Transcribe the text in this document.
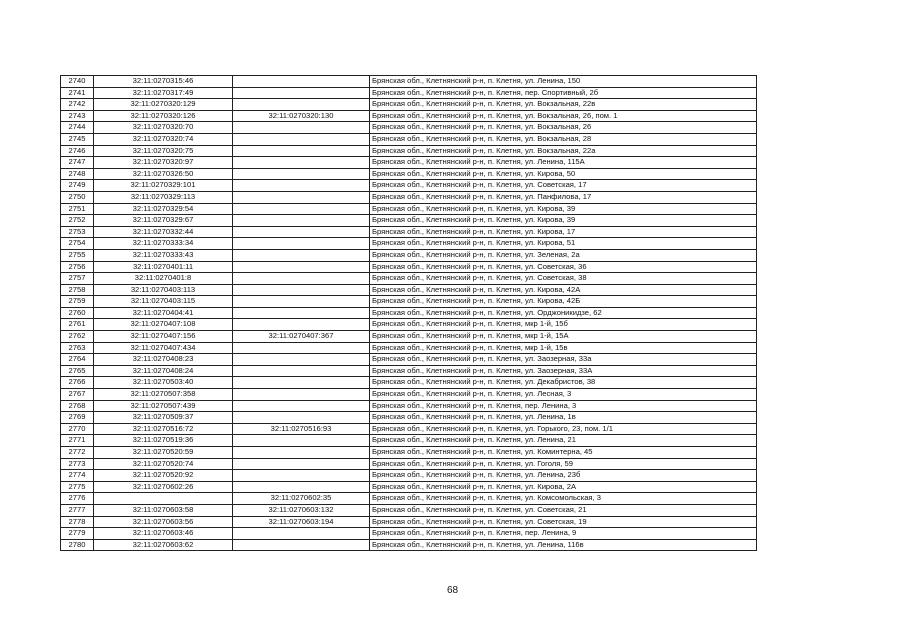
2740	32:11:0270315:46		Брянская обл., Клетнянский р-н, п. Клетня, ул. Ленина, 150
2741	32:11:0270317:49		Брянская обл., Клетнянский р-н, п. Клетня, пер. Спортивный, 2б
2742	32:11:0270320:129		Брянская обл., Клетнянский р-н, п. Клетня, ул. Вокзальная, 22в
2743	32:11:0270320:126	32:11:0270320:130	Брянская обл., Клетнянский р-н, п. Клетня, ул. Вокзальная, 26, пом. 1
2744	32:11:0270320:70		Брянская обл., Клетнянский р-н, п. Клетня, ул. Вокзальная, 26
2745	32:11:0270320:74		Брянская обл., Клетнянский р-н, п. Клетня, ул. Вокзальная, 28
2746	32:11:0270320:75		Брянская обл., Клетнянский р-н, п. Клетня, ул. Вокзальная, 22а
2747	32:11:0270320:97		Брянская обл., Клетнянский р-н, п. Клетня, ул. Ленина, 115А
2748	32:11:0270326:50		Брянская обл., Клетнянский р-н, п. Клетня, ул. Кирова, 50
2749	32:11:0270329:101		Брянская обл., Клетнянский р-н, п. Клетня, ул. Советская, 17
2750	32:11:0270329:113		Брянская обл., Клетнянский р-н, п. Клетня, ул. Панфилова, 17
2751	32:11:0270329:54		Брянская обл., Клетнянский р-н, п. Клетня, ул. Кирова, 39
2752	32:11:0270329:67		Брянская обл., Клетнянский р-н, п. Клетня, ул. Кирова, 39
2753	32:11:0270332:44		Брянская обл., Клетнянский р-н, п. Клетня, ул. Кирова, 17
2754	32:11:0270333:34		Брянская обл., Клетнянский р-н, п. Клетня, ул. Кирова, 51
2755	32:11:0270333:43		Брянская обл., Клетнянский р-н, п. Клетня, ул. Зеленая, 2а
2756	32:11:0270401:11		Брянская обл., Клетнянский р-н, п. Клетня, ул. Советская, 36
2757	32:11:0270401:8		Брянская обл., Клетнянский р-н, п. Клетня, ул. Советская, 38
2758	32:11:0270403:113		Брянская обл., Клетнянский р-н, п. Клетня, ул. Кирова, 42А
2759	32:11:0270403:115		Брянская обл., Клетнянский р-н, п. Клетня, ул. Кирова, 42Б
2760	32:11:0270404:41		Брянская обл., Клетнянский р-н, п. Клетня, ул. Орджоникидзе, 62
2761	32:11:0270407:108		Брянская обл., Клетнянский р-н, п. Клетня, мкр 1-й, 15б
2762	32:11:0270407:156	32:11:0270407:367	Брянская обл., Клетнянский р-н, п. Клетня, мкр 1-й, 15А
2763	32:11:0270407:434		Брянская обл., Клетнянский р-н, п. Клетня, мкр 1-й, 15в
2764	32:11:0270408:23		Брянская обл., Клетнянский р-н, п. Клетня, ул. Заозерная, 33а
2765	32:11:0270408:24		Брянская обл., Клетнянский р-н, п. Клетня, ул. Заозерная, 33А
2766	32:11:0270503:40		Брянская обл., Клетнянский р-н, п. Клетня, ул. Декабристов, 38
2767	32:11:0270507:358		Брянская обл., Клетнянский р-н, п. Клетня, ул. Лесная, 3
2768	32:11:0270507:439		Брянская обл., Клетнянский р-н, п. Клетня, пер. Ленина, 3
2769	32:11:0270509:37		Брянская обл., Клетнянский р-н, п. Клетня, ул. Ленина, 1в
2770	32:11:0270516:72	32:11:0270516:93	Брянская обл., Клетнянский р-н, п. Клетня, ул. Горького, 23, пом. 1/1
2771	32:11:0270519:36		Брянская обл., Клетнянский р-н, п. Клетня, ул. Ленина, 21
2772	32:11:0270520:59		Брянская обл., Клетнянский р-н, п. Клетня, ул. Коминтерна, 45
2773	32:11:0270520:74		Брянская обл., Клетнянский р-н, п. Клетня, ул. Гоголя, 59
2774	32:11:0270520:92		Брянская обл., Клетнянский р-н, п. Клетня, ул. Ленина, 23б
2775	32:11:0270602:26		Брянская обл., Клетнянский р-н, п. Клетня, ул. Кирова, 2А
2776		32:11:0270602:35	Брянская обл., Клетнянский р-н, п. Клетня, ул. Комсомольская, 3
2777	32:11:0270603:58	32:11:0270603:132	Брянская обл., Клетнянский р-н, п. Клетня, ул. Советская, 21
2778	32:11:0270603:56	32:11:0270603:194	Брянская обл., Клетнянский р-н, п. Клетня, ул. Советская, 19
2779	32:11:0270603:46		Брянская обл., Клетнянский р-н, п. Клетня, пер. Ленина, 9
2780	32:11:0270603:62		Брянская обл., Клетнянский р-н, п. Клетня, ул. Ленина, 116в
68
